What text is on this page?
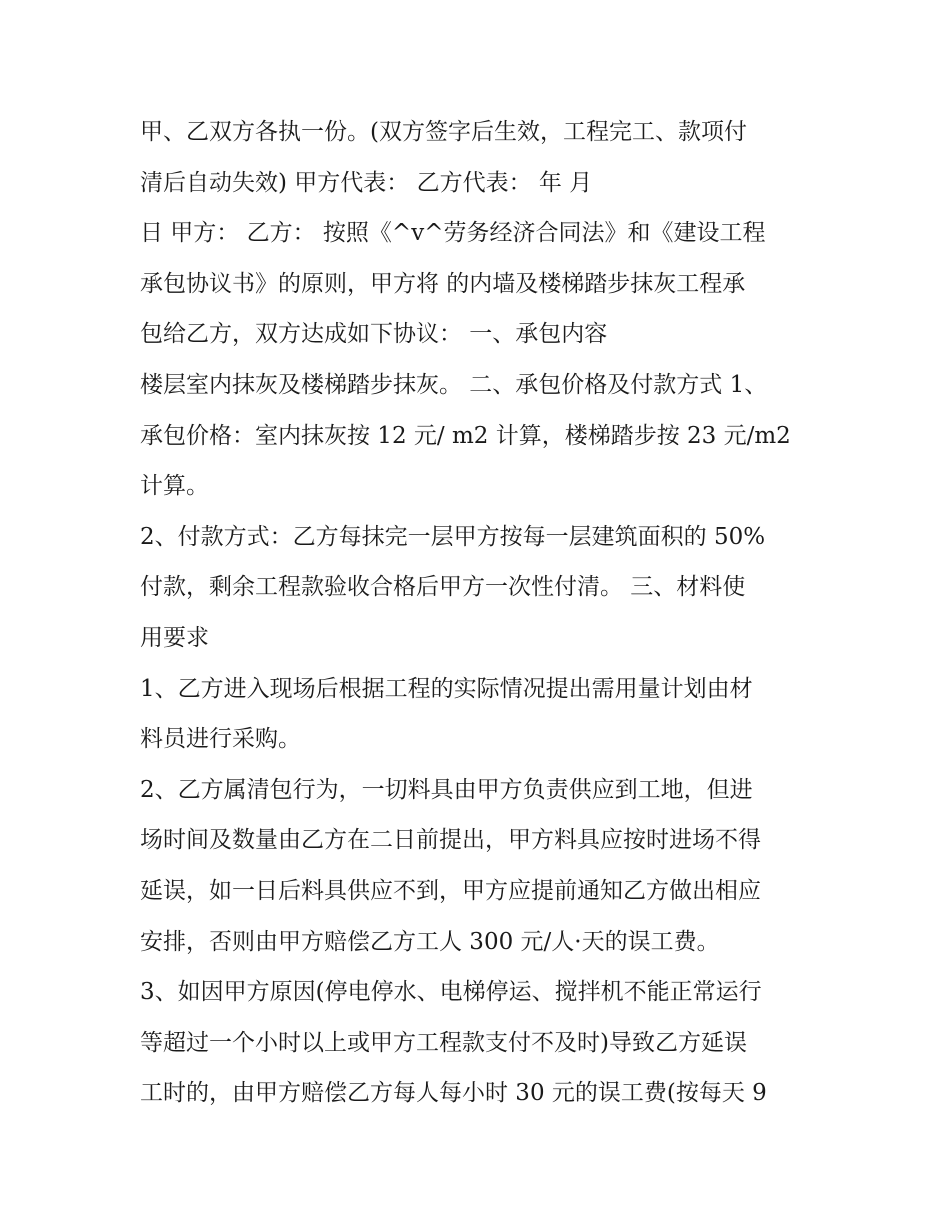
甲、乙双方各执一份。(双方签字后生效，工程完工、款项付
清后自动失效) 甲方代表： 乙方代表： 年 月
日 甲方： 乙方： 按照《^v^劳务经济合同法》和《建设工程
承包协议书》的原则，甲方将 的内墙及楼梯踏步抹灰工程承
包给乙方，双方达成如下协议： 一、承包内容
楼层室内抹灰及楼梯踏步抹灰。 二、承包价格及付款方式 1、
承包价格：室内抹灰按 12 元/ m2 计算，楼梯踏步按 23 元/m2
计算。
2、付款方式：乙方每抹完一层甲方按每一层建筑面积的 50%
付款，剩余工程款验收合格后甲方一次性付清。 三、材料使
用要求
1、乙方进入现场后根据工程的实际情况提出需用量计划由材
料员进行采购。
2、乙方属清包行为，一切料具由甲方负责供应到工地，但进
场时间及数量由乙方在二日前提出，甲方料具应按时进场不得
延误，如一日后料具供应不到，甲方应提前通知乙方做出相应
安排，否则由甲方赔偿乙方工人 300 元/人·天的误工费。
3、如因甲方原因(停电停水、电梯停运、搅拌机不能正常运行
等超过一个小时以上或甲方工程款支付不及时)导致乙方延误
工时的，由甲方赔偿乙方每人每小时 30 元的误工费(按每天 9
